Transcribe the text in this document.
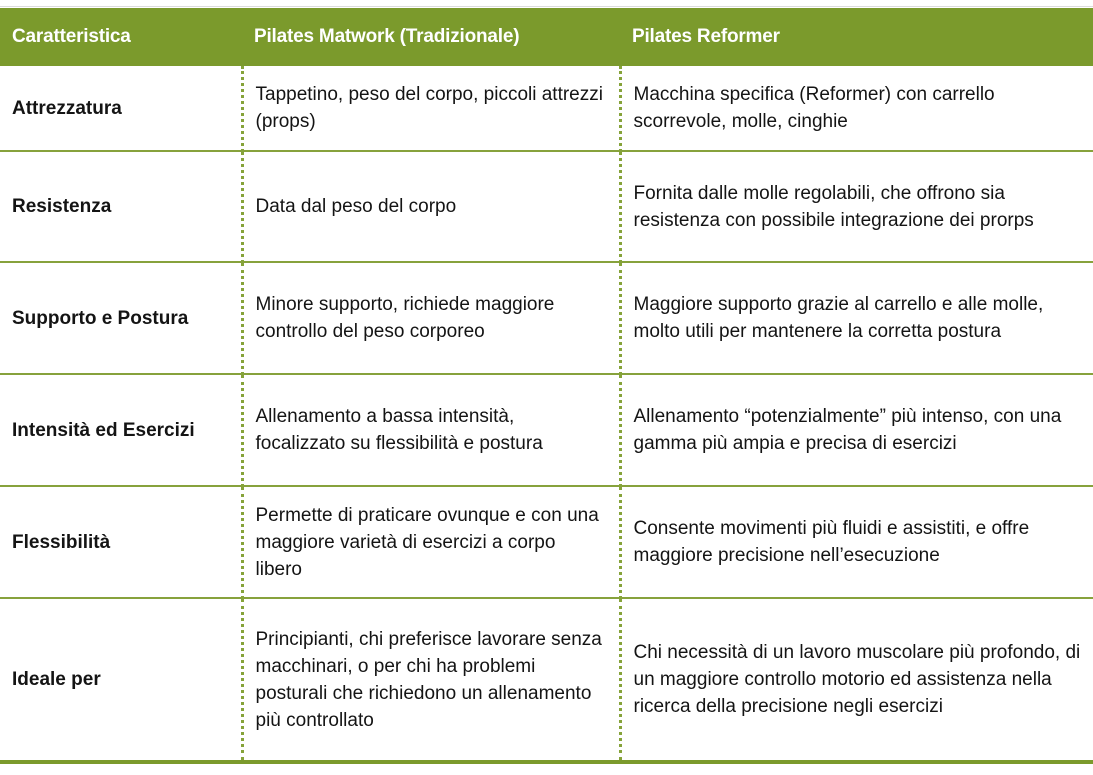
Caratteristica	Pilates Matwork (Tradizionale)	Pilates Reformer
Attrezzatura	Tappetino, peso del corpo, piccoli attrezzi (props)	Macchina specifica (Reformer) con carrello scorrevole, molle, cinghie
Resistenza	Data dal peso del corpo	Fornita dalle molle regolabili, che offrono sia resistenza con possibile integrazione dei prorps
Supporto e Postura	Minore supporto, richiede maggiore controllo del peso corporeo	Maggiore supporto grazie al carrello e alle molle, molto utili per mantenere la corretta postura
Intensità ed Esercizi	Allenamento a bassa intensità, focalizzato su flessibilità e postura	Allenamento “potenzialmente” più intenso, con una gamma più ampia e precisa di esercizi
Flessibilità	Permette di praticare ovunque e con una maggiore varietà di esercizi a corpo libero	Consente movimenti più fluidi e assistiti, e offre maggiore precisione nell’esecuzione
Ideale per	Principianti, chi preferisce lavorare senza macchinari, o per chi ha problemi posturali che richiedono un allenamento più controllato	Chi necessità di un lavoro muscolare più profondo, di un maggiore controllo motorio ed assistenza nella ricerca della precisione negli esercizi
